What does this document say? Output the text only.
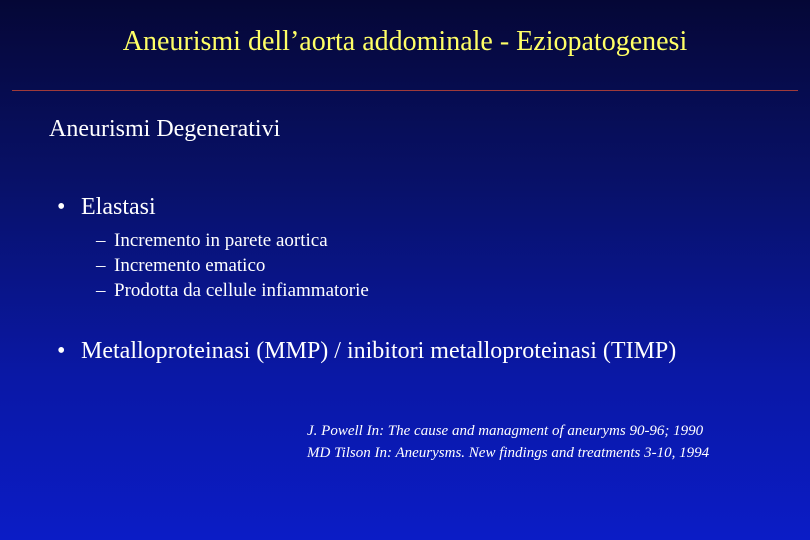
Aneurismi dell’aorta addominale - Eziopatogenesi
Aneurismi Degenerativi
• Elastasi
– Incremento in parete aortica
– Incremento ematico
– Prodotta da cellule infiammatorie
• Metalloproteinasi (MMP) / inibitori metalloproteinasi (TIMP)
J. Powell In: The cause and managment of aneuryms 90-96; 1990
MD Tilson In: Aneurysms. New findings and treatments 3-10, 1994
